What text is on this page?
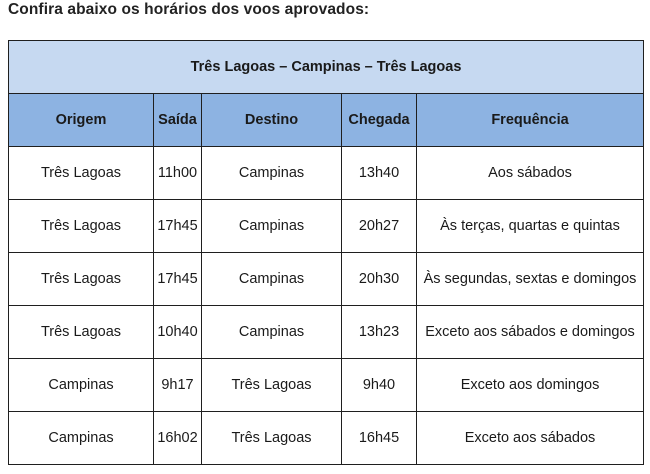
Confira abaixo os horários dos voos aprovados:
Três Lagoas – Campinas – Três Lagoas				
Origem	Saída	Destino	Chegada	Frequência
Três Lagoas	11h00	Campinas	13h40	Aos sábados
Três Lagoas	17h45	Campinas	20h27	Às terças, quartas e quintas
Três Lagoas	17h45	Campinas	20h30	Às segundas, sextas e domingos
Três Lagoas	10h40	Campinas	13h23	Exceto aos sábados e domingos
Campinas	9h17	Três Lagoas	9h40	Exceto aos domingos
Campinas	16h02	Três Lagoas	16h45	Exceto aos sábados
